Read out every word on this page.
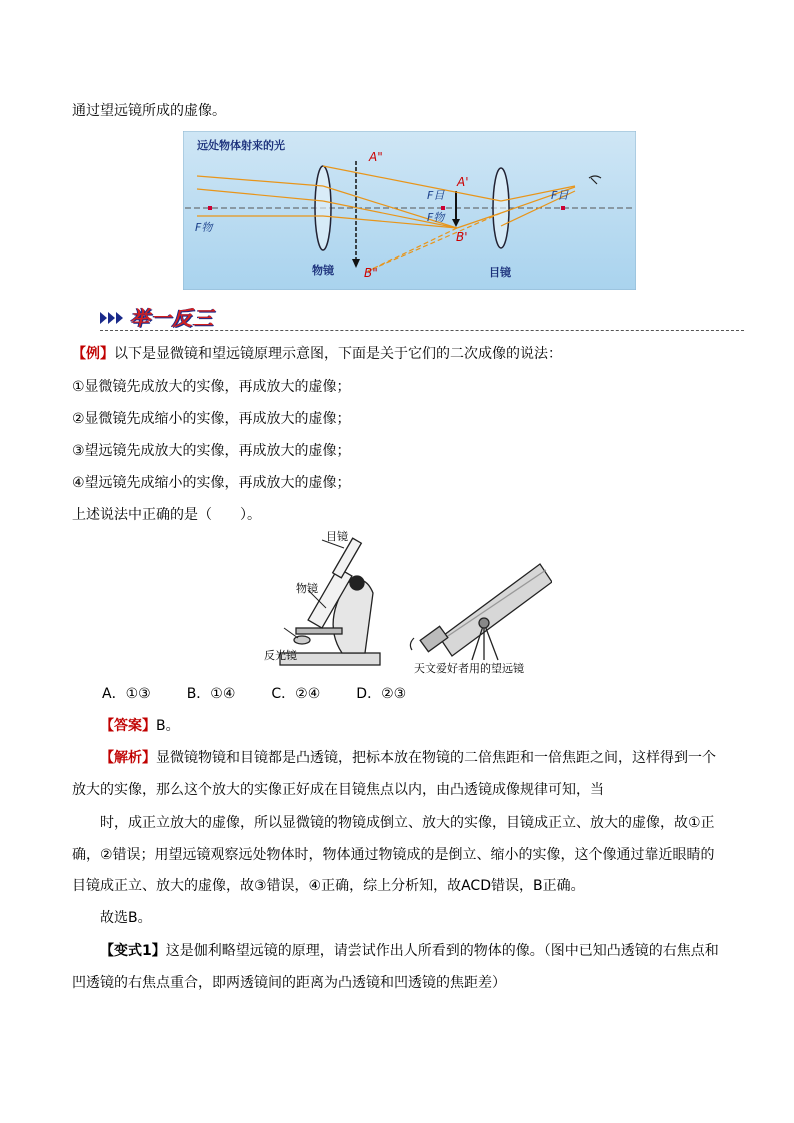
通过望远镜所成的虚像。
远处物体射来的光
A"
A'
B'
B"
F物
F目
F物
F目
物镜	目镜
举一反三
【例】以下是显微镜和望远镜原理示意图，下面是关于它们的二次成像的说法：
①显微镜先成放大的实像，再成放大的虚像；
②显微镜先成缩小的实像，再成放大的虚像；
③望远镜先成放大的实像，再成放大的虚像；
④望远镜先成缩小的实像，再成放大的虚像；
上述说法中正确的是（　　）。
目镜
物镜
反光镜
天文爱好者用的望远镜
A．①③	B．①④	C．②④	D．②③
【答案】B。
【解析】显微镜物镜和目镜都是凸透镜，把标本放在物镜的二倍焦距和一倍焦距之间，这样得到一个
放大的实像，那么这个放大的实像正好成在目镜焦点以内，由凸透镜成像规律可知，当
时，成正立放大的虚像，所以显微镜的物镜成倒立、放大的实像，目镜成正立、放大的虚像，故①正
确，②错误；用望远镜观察远处物体时，物体通过物镜成的是倒立、缩小的实像，这个像通过靠近眼睛的
目镜成正立、放大的虚像，故③错误，④正确，综上分析知，故ACD错误，B正确。
故选B。
【变式1】这是伽利略望远镜的原理，请尝试作出人所看到的物体的像。（图中已知凸透镜的右焦点和
凹透镜的右焦点重合，即两透镜间的距离为凸透镜和凹透镜的焦距差）
